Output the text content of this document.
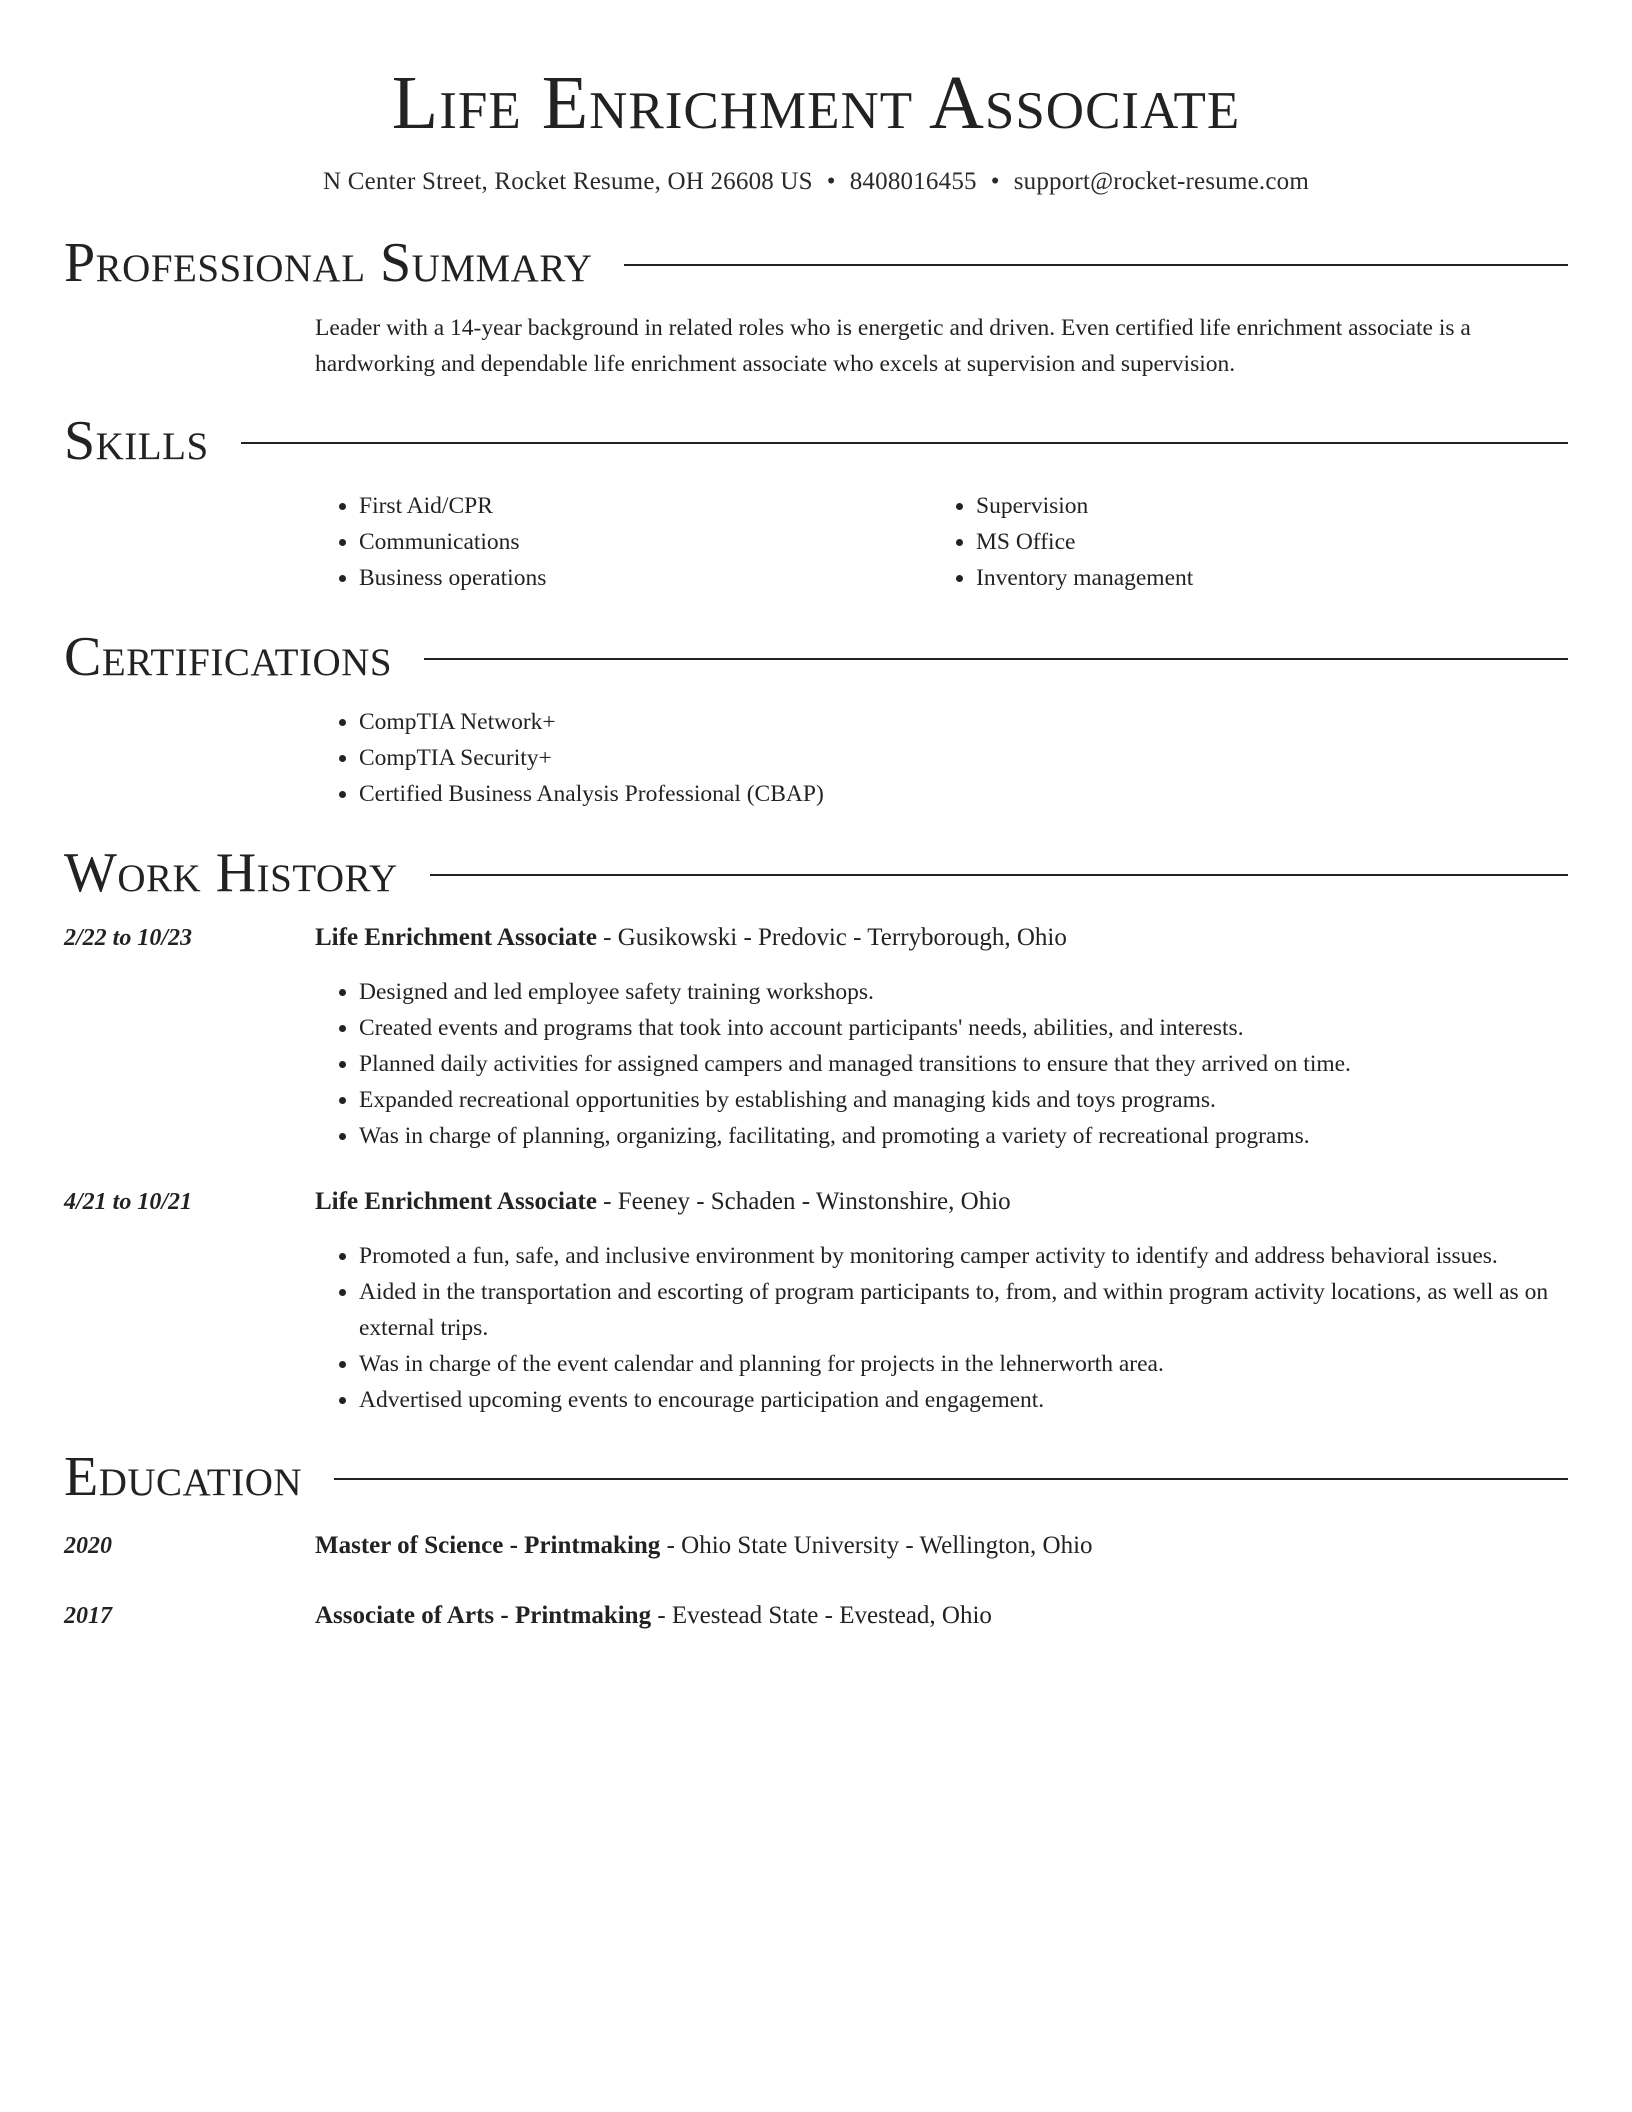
Life Enrichment Associate
N Center Street, Rocket Resume, OH 26608 US • 8408016455 • support@rocket-resume.com
Professional Summary

Leader with a 14-year background in related roles who is energetic and driven. Even certified life enrichment associate is a hardworking and dependable life enrichment associate who excels at supervision and supervision.

Skills
• First Aid/CPR
• Communications
• Business operations
• Supervision
• MS Office
• Inventory management
Certifications
• CompTIA Network+
• CompTIA Security+
• Certified Business Analysis Professional (CBAP)
Work History
2/22 to 10/23	Life Enrichment Associate - Gusikowski - Predovic - Terryborough, Ohio
• Designed and led employee safety training workshops.
• Created events and programs that took into account participants' needs, abilities, and interests.
• Planned daily activities for assigned campers and managed transitions to ensure that they arrived on time.
• Expanded recreational opportunities by establishing and managing kids and toys programs.
• Was in charge of planning, organizing, facilitating, and promoting a variety of recreational programs.
4/21 to 10/21	Life Enrichment Associate - Feeney - Schaden - Winstonshire, Ohio
• Promoted a fun, safe, and inclusive environment by monitoring camper activity to identify and address behavioral issues.
• Aided in the transportation and escorting of program participants to, from, and within program activity locations, as well as on external trips.
• Was in charge of the event calendar and planning for projects in the lehnerworth area.
• Advertised upcoming events to encourage participation and engagement.
Education
2020	Master of Science - Printmaking - Ohio State University - Wellington, Ohio
2017	Associate of Arts - Printmaking - Evestead State - Evestead, Ohio
